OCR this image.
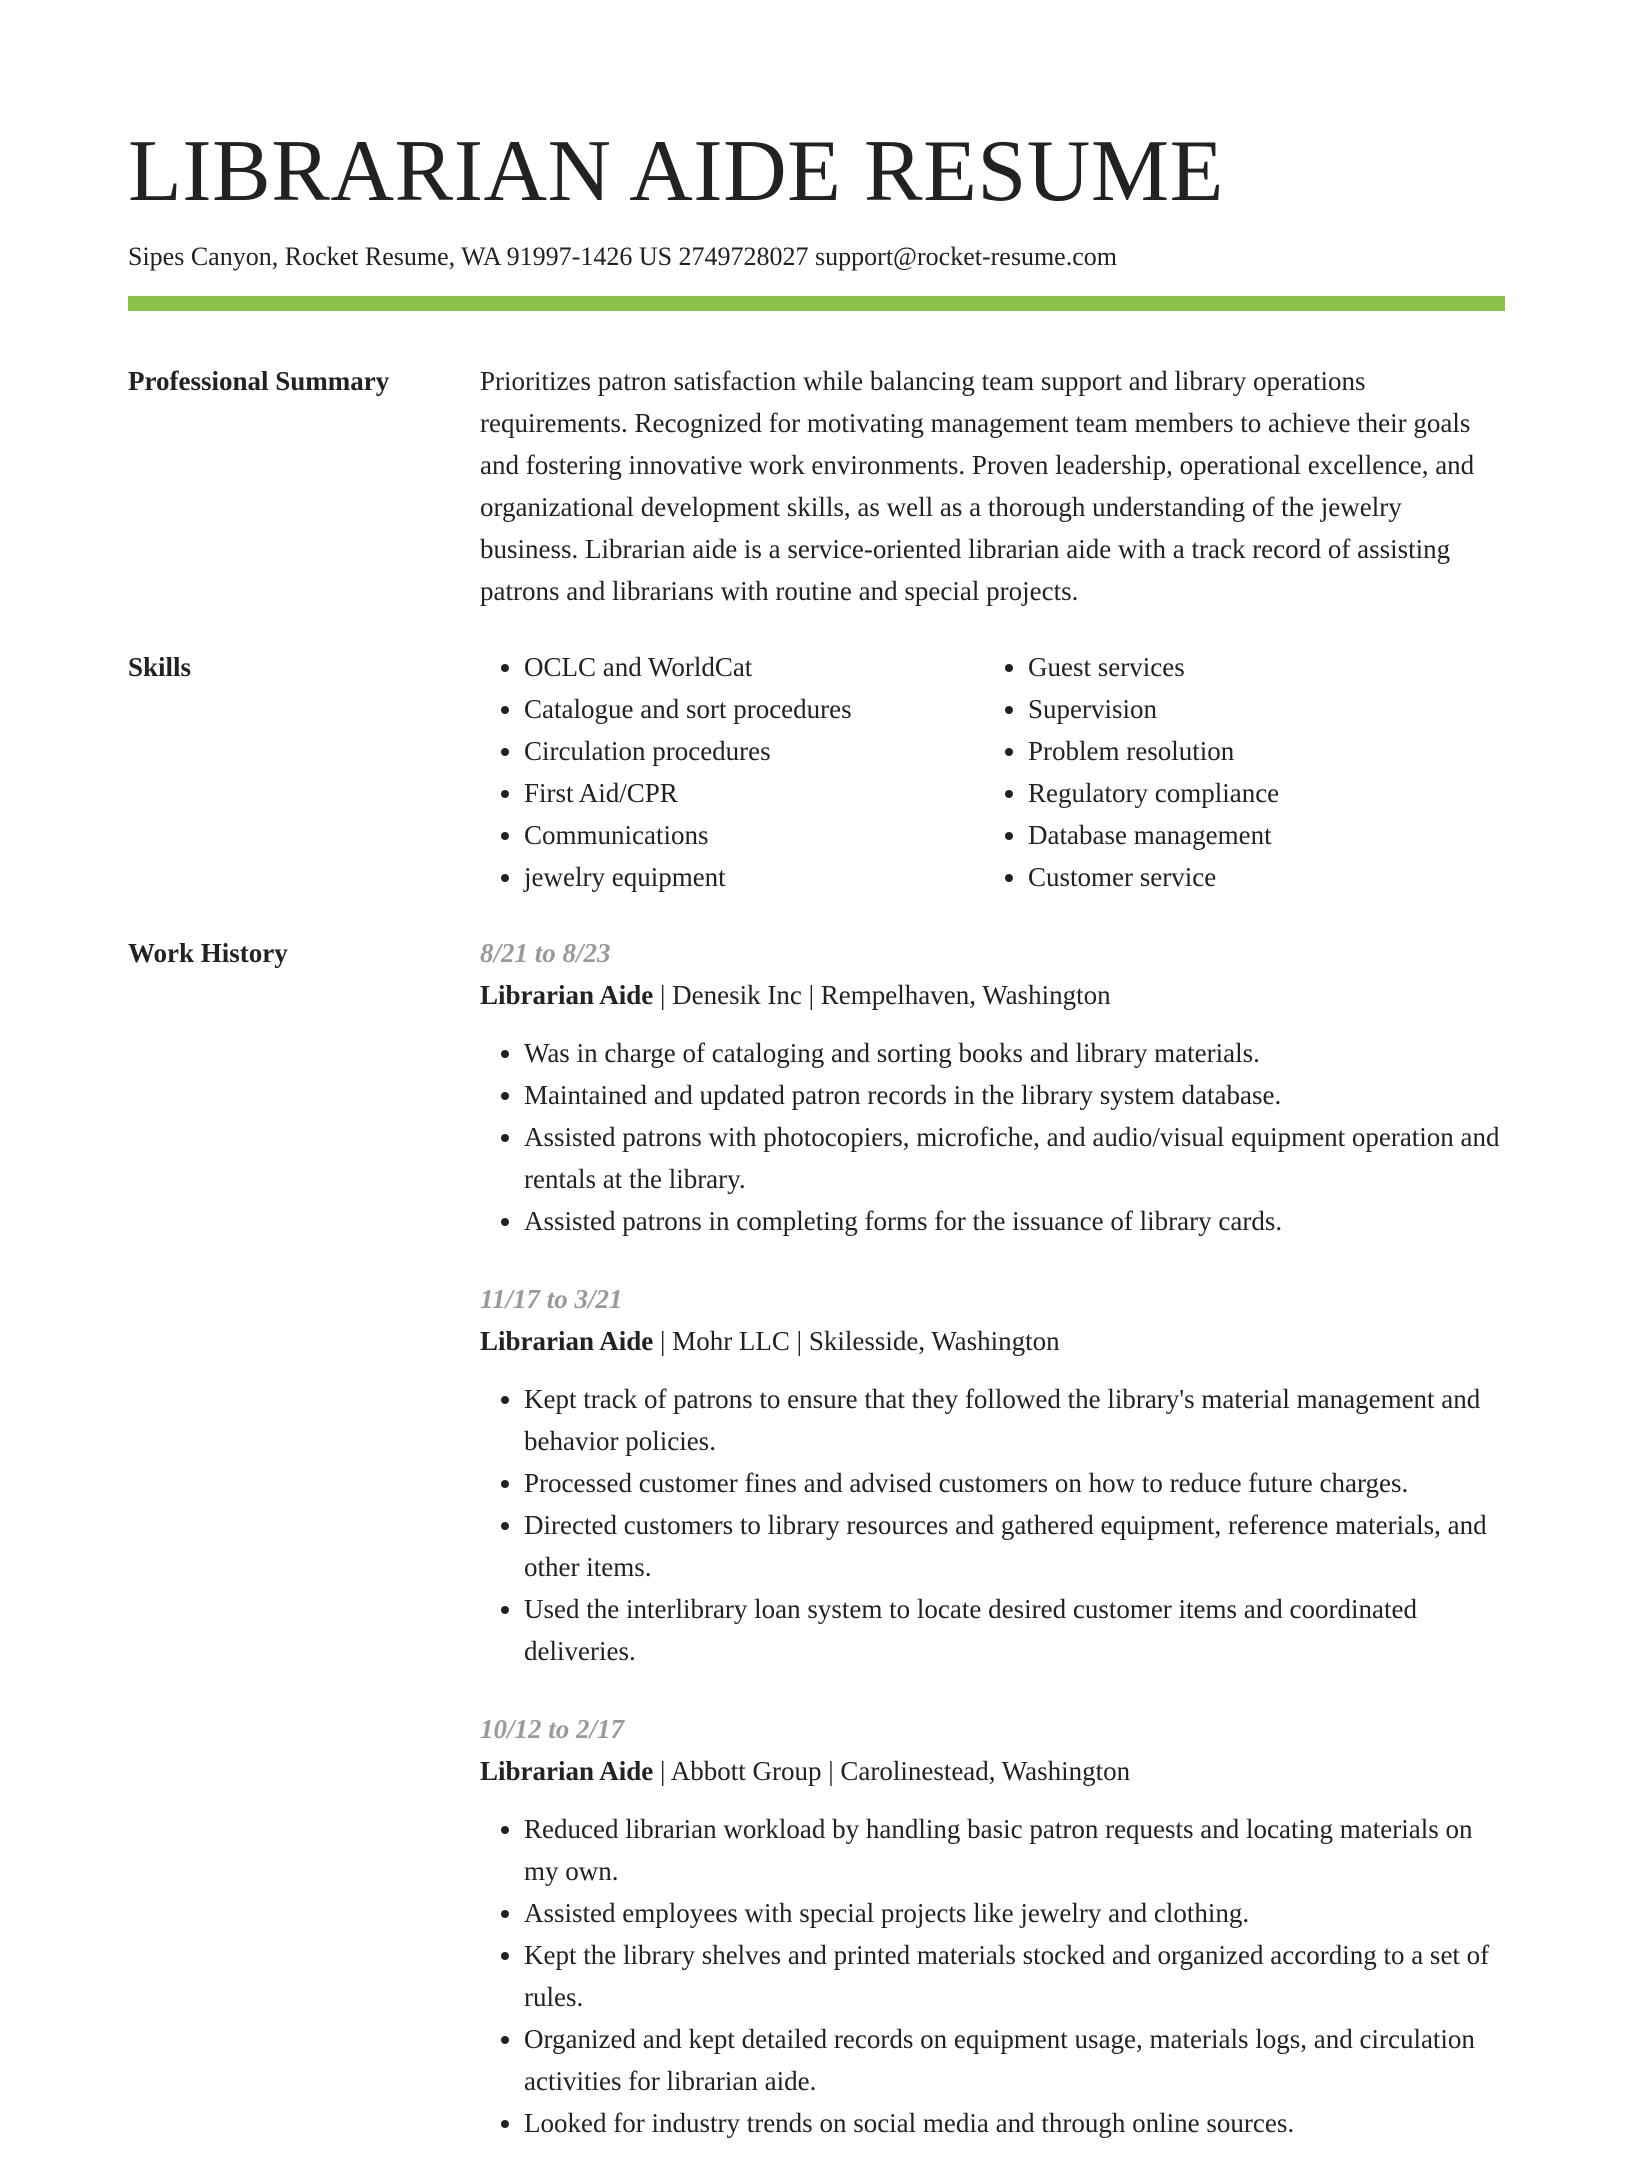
LIBRARIAN AIDE RESUME
Sipes Canyon, Rocket Resume, WA 91997-1426 US 2749728027 support@rocket-resume.com
Professional Summary	Prioritizes patron satisfaction while balancing team support and library operations requirements. Recognized for motivating management team members to achieve their goals and fostering innovative work environments. Proven leadership, operational excellence, and organizational development skills, as well as a thorough understanding of the jewelry business. Librarian aide is a service-oriented librarian aide with a track record of assisting patrons and librarians with routine and special projects.
Skills
•	OCLC and WorldCat
• Catalogue and sort procedures
• Circulation procedures
• First Aid/CPR
• Communications
• jewelry equipment
• Guest services
• Supervision
• Problem resolution
• Regulatory compliance
• Database management
• Customer service
Work History	8/21 to 8/23
Librarian Aide | Denesik Inc | Rempelhaven, Washington
• Was in charge of cataloging and sorting books and library materials.
• Maintained and updated patron records in the library system database.
• Assisted patrons with photocopiers, microfiche, and audio/visual equipment operation and rentals at the library.
• Assisted patrons in completing forms for the issuance of library cards.
11/17 to 3/21
Librarian Aide | Mohr LLC | Skilesside, Washington
• Kept track of patrons to ensure that they followed the library's material management and behavior policies.
• Processed customer fines and advised customers on how to reduce future charges.
• Directed customers to library resources and gathered equipment, reference materials, and other items.
• Used the interlibrary loan system to locate desired customer items and coordinated deliveries.
10/12 to 2/17
Librarian Aide | Abbott Group | Carolinestead, Washington
• Reduced librarian workload by handling basic patron requests and locating materials on my own.
• Assisted employees with special projects like jewelry and clothing.
• Kept the library shelves and printed materials stocked and organized according to a set of rules.
• Organized and kept detailed records on equipment usage, materials logs, and circulation activities for librarian aide.
• Looked for industry trends on social media and through online sources.
